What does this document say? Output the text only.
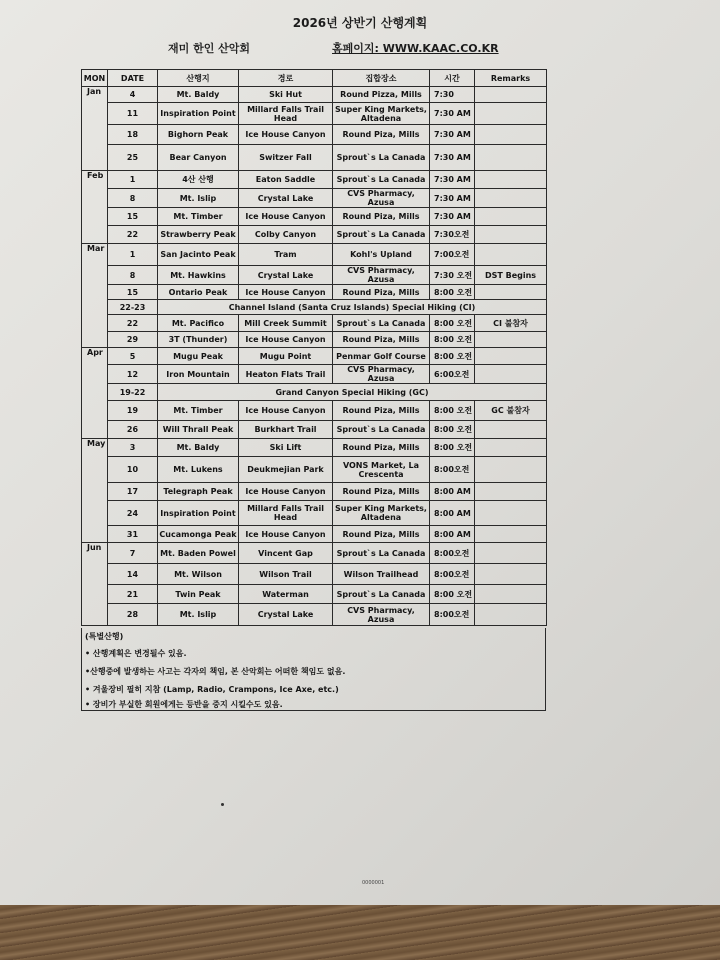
2026년 상반기 산행계획
재미 한인 산악회	홈페이지: WWW.KAAC.CO.KR
MON	DATE	산행지	경로	집합장소	시간	Remarks
Jan	4	Mt. Baldy	Ski Hut	Round Pizza, Mills	7:30	
	11	Inspiration Point	Millard Falls Trail Head	Super King Markets, Altadena	7:30 AM	
	18	Bighorn Peak	Ice House Canyon	Round Piza, Mills	7:30 AM	
	25	Bear Canyon	Switzer Fall	Sprout`s La Canada	7:30 AM	
Feb	1	4산 산행	Eaton Saddle	Sprout`s La Canada	7:30 AM	
	8	Mt. Islip	Crystal Lake	CVS Pharmacy, Azusa	7:30 AM	
	15	Mt. Timber	Ice House Canyon	Round Piza, Mills	7:30 AM	
	22	Strawberry Peak	Colby Canyon	Sprout`s La Canada	7:30오전	
Mar	1	San Jacinto Peak	Tram	Kohl's Upland	7:00오전	
	8	Mt. Hawkins	Crystal Lake	CVS Pharmacy, Azusa	7:30 오전	DST Begins
	15	Ontario Peak	Ice House Canyon	Round Piza, Mills	8:00 오전	
	22-23	Channel Island (Santa Cruz Islands) Special Hiking (CI)				
	22	Mt. Pacifico	Mill Creek Summit	Sprout`s La Canada	8:00 오전	CI 불참자
	29	3T (Thunder)	Ice House Canyon	Round Piza, Mills	8:00 오전	
Apr	5	Mugu Peak	Mugu Point	Penmar Golf Course	8:00 오전	
	12	Iron Mountain	Heaton Flats Trail	CVS Pharmacy, Azusa	6:00오전	
	19-22	Grand Canyon Special Hiking (GC)				
	19	Mt. Timber	Ice House Canyon	Round Piza, Mills	8:00 오전	GC 불참자
	26	Will Thrall Peak	Burkhart Trail	Sprout`s La Canada	8:00 오전	
May	3	Mt. Baldy	Ski Lift	Round Piza, Mills	8:00 오전	
	10	Mt. Lukens	Deukmejian Park	VONS Market, La Crescenta	8:00오전	
	17	Telegraph Peak	Ice House Canyon	Round Piza, Mills	8:00 AM	
	24	Inspiration Point	Millard Falls Trail Head	Super King Markets, Altadena	8:00 AM	
	31	Cucamonga Peak	Ice House Canyon	Round Piza, Mills	8:00 AM	
Jun	7	Mt. Baden Powel	Vincent Gap	Sprout`s La Canada	8:00오전	
	14	Mt. Wilson	Wilson Trail	Wilson Trailhead	8:00오전	
	21	Twin Peak	Waterman	Sprout`s La Canada	8:00 오전	
	28	Mt. Islip	Crystal Lake	CVS Pharmacy, Azusa	8:00오전	
(특별산행)
• 산행계획은 변경될수 있음.
•산행중에 발생하는 사고는 각자의 책임, 본 산악회는 어떠한 책임도 없음.
• 겨울장비 필히 지참 (Lamp, Radio, Crampons, Ice Axe, etc.)
• 장비가 부실한 회원에게는 등반을 중지 시킬수도 있음.
0000001
